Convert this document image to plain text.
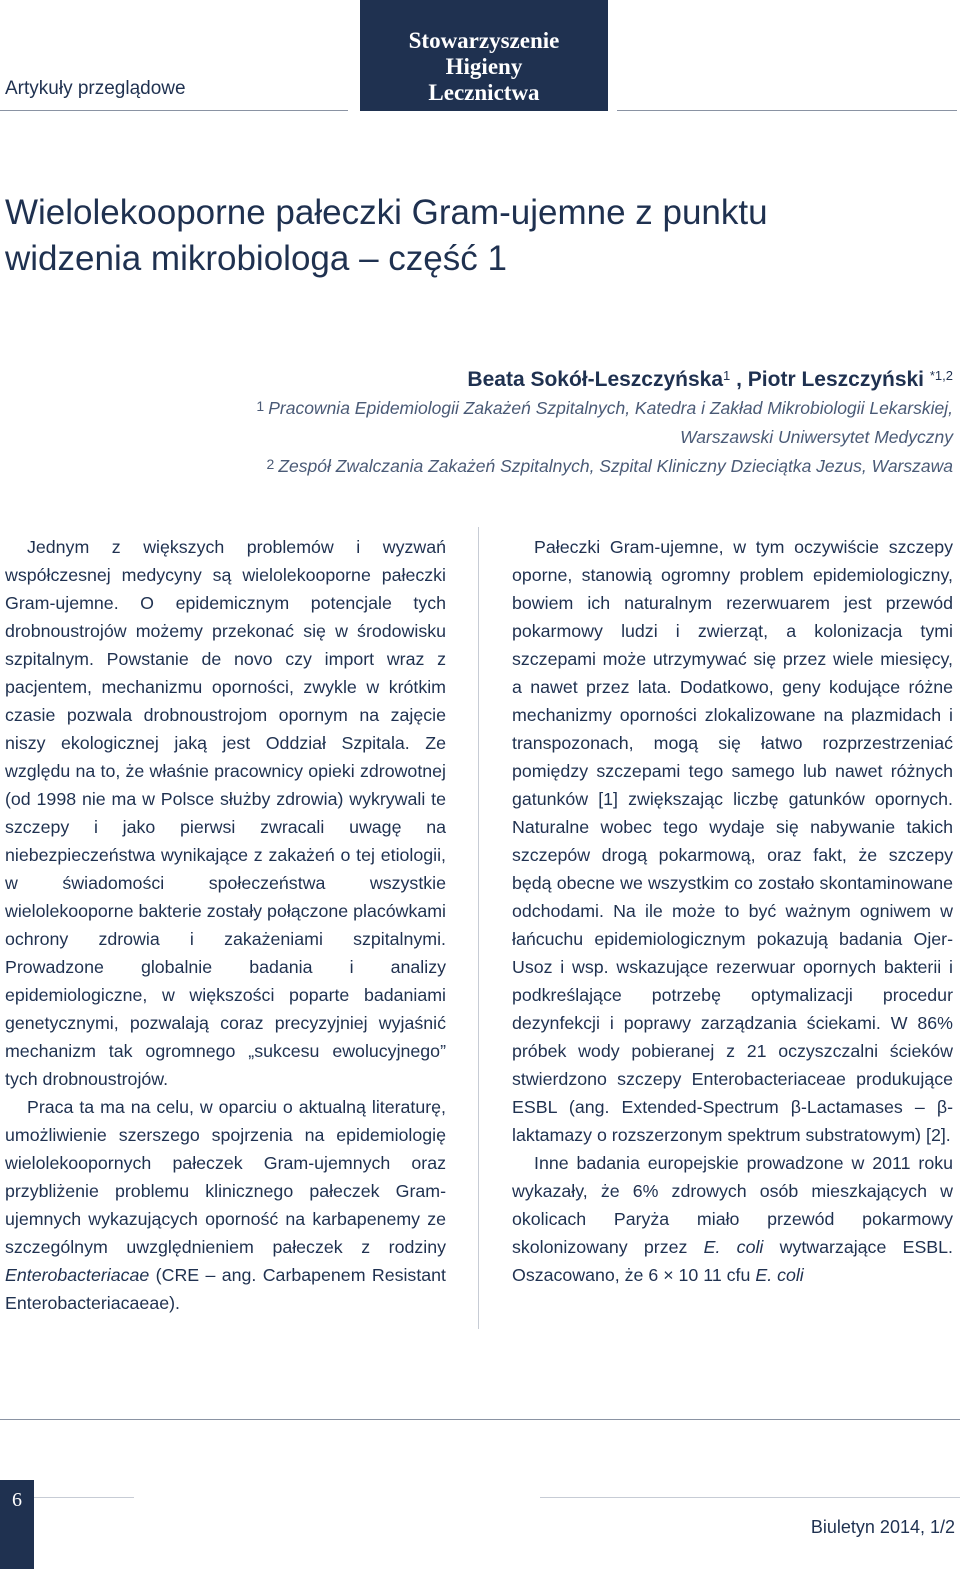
Artykuły przeglądowe
Stowarzyszenie
Higieny
Lecznictwa
Wielolekooporne pałeczki Gram-ujemne z punktu
widzenia mikrobiologa – część 1
Beata Sokół-Leszczyńska$^1$ , Piotr Leszczyński $^{*1,2}$
$^1$ Pracownia Epidemiologii Zakażeń Szpitalnych, Katedra i Zakład Mikrobiologii Lekarskiej,
Warszawski Uniwersytet Medyczny
$^2$ Zespół Zwalczania Zakażeń Szpitalnych, Szpital Kliniczny Dzieciątka Jezus, Warszawa

Jednym z większych problemów i wyzwań współczesnej medycyny są wielolekooporne pałeczki Gram-ujemne. O epidemicznym potencjale tych drobnoustrojów możemy przekonać się w środowisku szpitalnym. Powstanie de novo czy import wraz z pacjentem, mechanizmu oporności, zwykle w krótkim czasie pozwala drobnoustrojom opornym na zajęcie niszy ekologicznej jaką jest Oddział Szpitala. Ze względu na to, że właśnie pracownicy opieki zdrowotnej (od 1998 nie ma w Polsce służby zdrowia) wykrywali te szczepy i jako pierwsi zwracali uwagę na niebezpieczeństwa wynikające z zakażeń o tej etiologii, w świadomości społeczeństwa wszystkie wielolekooporne bakterie zostały połączone placówkami ochrony zdrowia i zakażeniami szpitalnymi. Prowadzone globalnie badania i analizy epidemiologiczne, w większości poparte badaniami genetycznymi, pozwalają coraz precyzyjniej wyjaśnić mechanizm tak ogromnego „sukcesu ewolucyjnego” tych drobnoustrojów.

Praca ta ma na celu, w oparciu o aktualną literaturę, umożliwienie szerszego spojrzenia na epidemiologię wielolekoopornych pałeczek Gram-ujemnych oraz przybliżenie problemu klinicznego pałeczek Gram-ujemnych wykazujących oporność na karbapenemy ze szczególnym uwzględnieniem pałeczek z rodziny Enterobacteriacae (CRE – ang. Carbapenem Resistant Enterobacteriacaeae).

Pałeczki Gram-ujemne, w tym oczywiście szczepy oporne, stanowią ogromny problem epidemiologiczny, bowiem ich naturalnym rezerwuarem jest przewód pokarmowy ludzi i zwierząt, a kolonizacja tymi szczepami może utrzymywać się przez wiele miesięcy, a nawet przez lata. Dodatkowo, geny kodujące różne mechanizmy oporności zlokalizowane na plazmidach i transpozonach, mogą się łatwo rozprzestrzeniać pomiędzy szczepami tego samego lub nawet różnych gatunków [1] zwiększając liczbę gatunków opornych. Naturalne wobec tego wydaje się nabywanie takich szczepów drogą pokarmową, oraz fakt, że szczepy będą obecne we wszystkim co zostało skontaminowane odchodami. Na ile może to być ważnym ogniwem w łańcuchu epidemiologicznym pokazują badania Ojer-Usoz i wsp. wskazujące rezerwuar opornych bakterii i podkreślające potrzebę optymalizacji procedur dezynfekcji i poprawy zarządzania ściekami. W 86% próbek wody pobieranej z 21 oczyszczalni ścieków stwierdzono szczepy Enterobacteriaceae produkujące ESBL (ang. Extended-Spectrum β-Lactamases – β-laktamazy o rozszerzonym spektrum substratowym) [2].

Inne badania europejskie prowadzone w 2011 roku wykazały, że 6% zdrowych osób mieszkających w okolicach Paryża miało przewód pokarmowy skolonizowany przez E. coli wytwarzające ESBL. Oszacowano, że 6 × 10 11 cfu E. coli

6
Biuletyn 2014, 1/2
